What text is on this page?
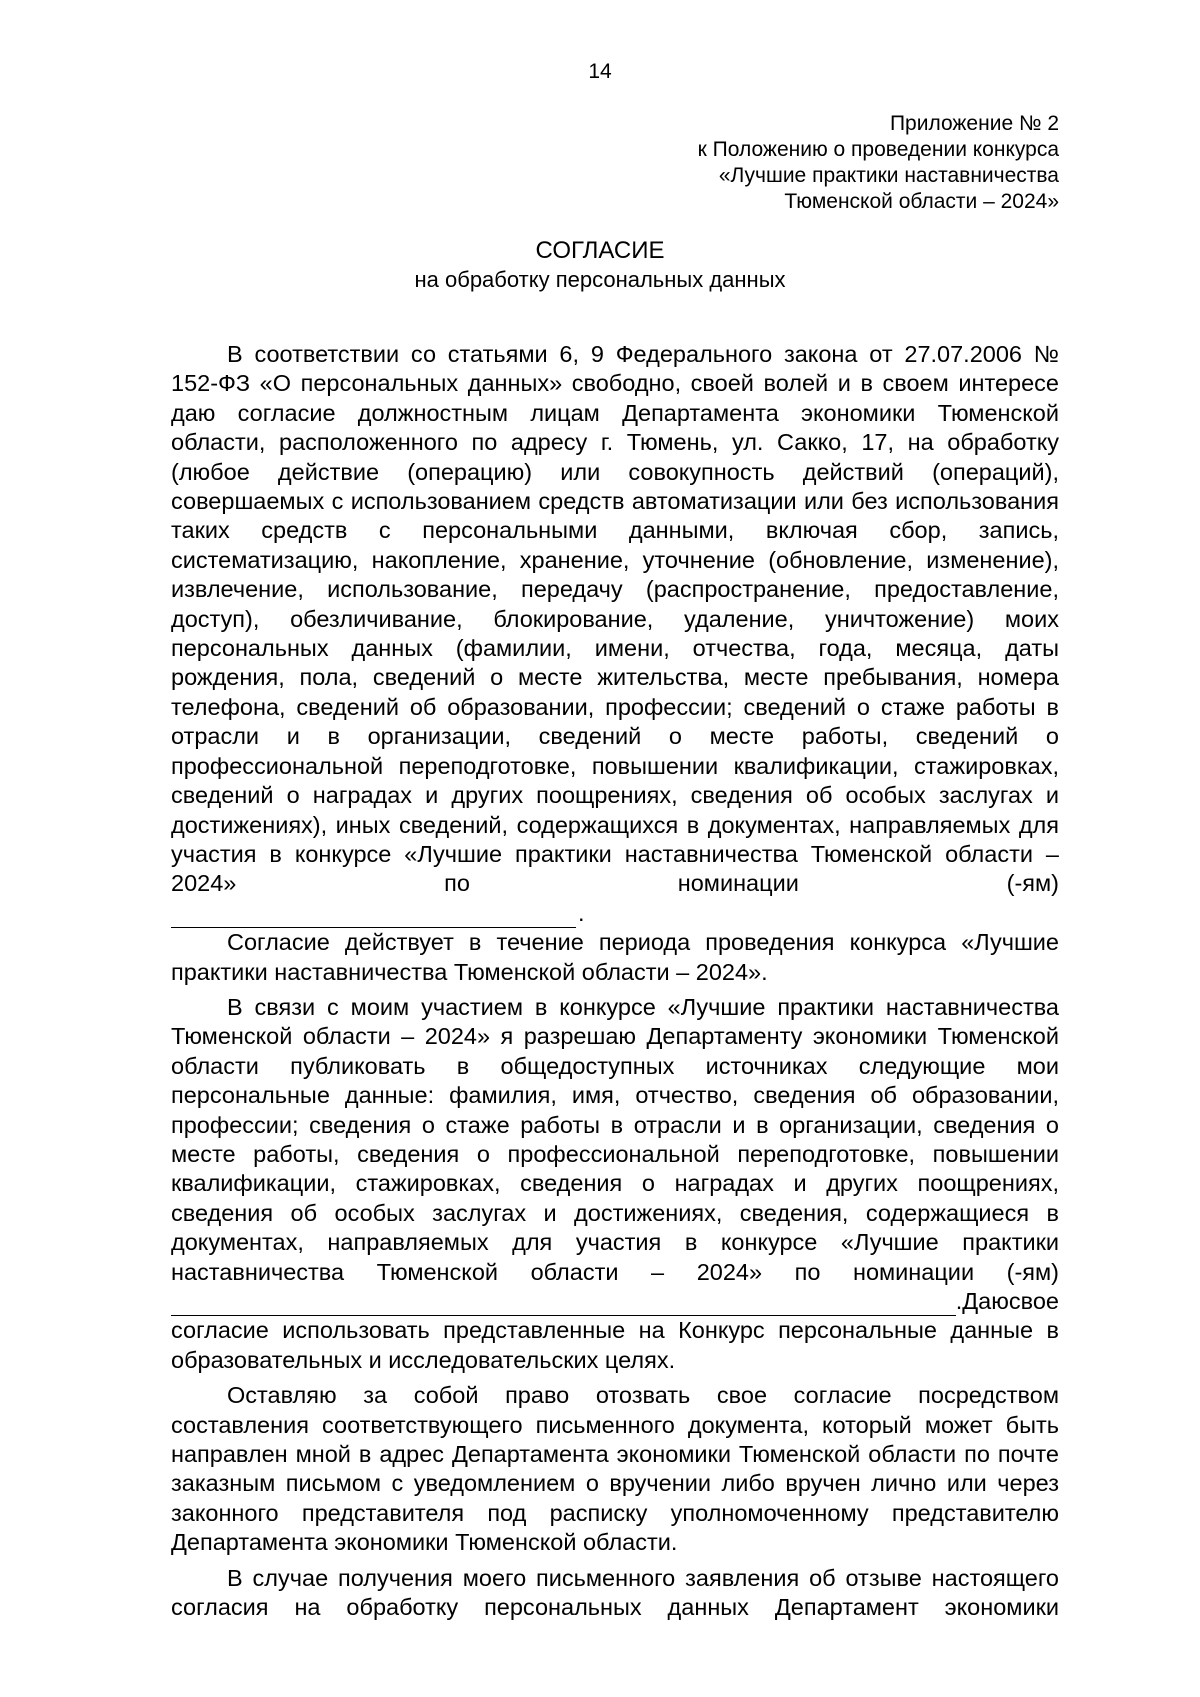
14
Приложение № 2
к Положению о проведении конкурса
«Лучшие практики наставничества
Тюменской области – 2024»
СОГЛАСИЕ
на обработку персональных данных

В соответствии со статьями 6, 9 Федерального закона от 27.07.2006 № 152-ФЗ «О персональных данных» свободно, своей волей и в своем интересе даю согласие должностным лицам Департамента экономики Тюменской области, расположенного по адресу г. Тюмень, ул. Сакко, 17, на обработку (любое действие (операцию) или совокупность действий (операций), совершаемых с использованием средств автоматизации или без использования таких средств с персональными данными, включая сбор, запись, систематизацию, накопление, хранение, уточнение (обновление, изменение), извлечение, использование, передачу (распространение, предоставление, доступ), обезличивание, блокирование, удаление, уничтожение) моих персональных данных (фамилии, имени, отчества, года, месяца, даты рождения, пола, сведений о месте жительства, месте пребывания, номера телефона, сведений об образовании, профессии; сведений о стаже работы в отрасли и в организации, сведений о месте работы, сведений о профессиональной переподготовке, повышении квалификации, стажировках, сведений о наградах и других поощрениях, сведения об особых заслугах и достижениях), иных сведений, содержащихся в документах, направляемых для участия в конкурсе «Лучшие практики наставничества Тюменской области – 2024» по номинации (-ям)

.

Согласие действует в течение периода проведения конкурса «Лучшие практики наставничества Тюменской области – 2024».

В связи с моим участием в конкурсе «Лучшие практики наставничества Тюменской области – 2024» я разрешаю Департаменту экономики Тюменской области публиковать в общедоступных источниках следующие мои персональные данные: фамилия, имя, отчество, сведения об образовании, профессии; сведения о стаже работы в отрасли и в организации, сведения о месте работы, сведения о профессиональной переподготовке, повышении квалификации, стажировках, сведения о наградах и других поощрениях, сведения об особых заслугах и достижениях, сведения, содержащиеся в документах, направляемых для участия в конкурсе «Лучшие практики наставничества Тюменской области – 2024» по номинации (-ям)

. Даю свое

согласие использовать представленные на Конкурс персональные данные в образовательных и исследовательских целях.

Оставляю за собой право отозвать свое согласие посредством составления соответствующего письменного документа, который может быть направлен мной в адрес Департамента экономики Тюменской области по почте заказным письмом с уведомлением о вручении либо вручен лично или через законного представителя под расписку уполномоченному представителю Департамента экономики Тюменской области.

В случае получения моего письменного заявления об отзыве настоящего согласия на обработку персональных данных Департамент экономики
